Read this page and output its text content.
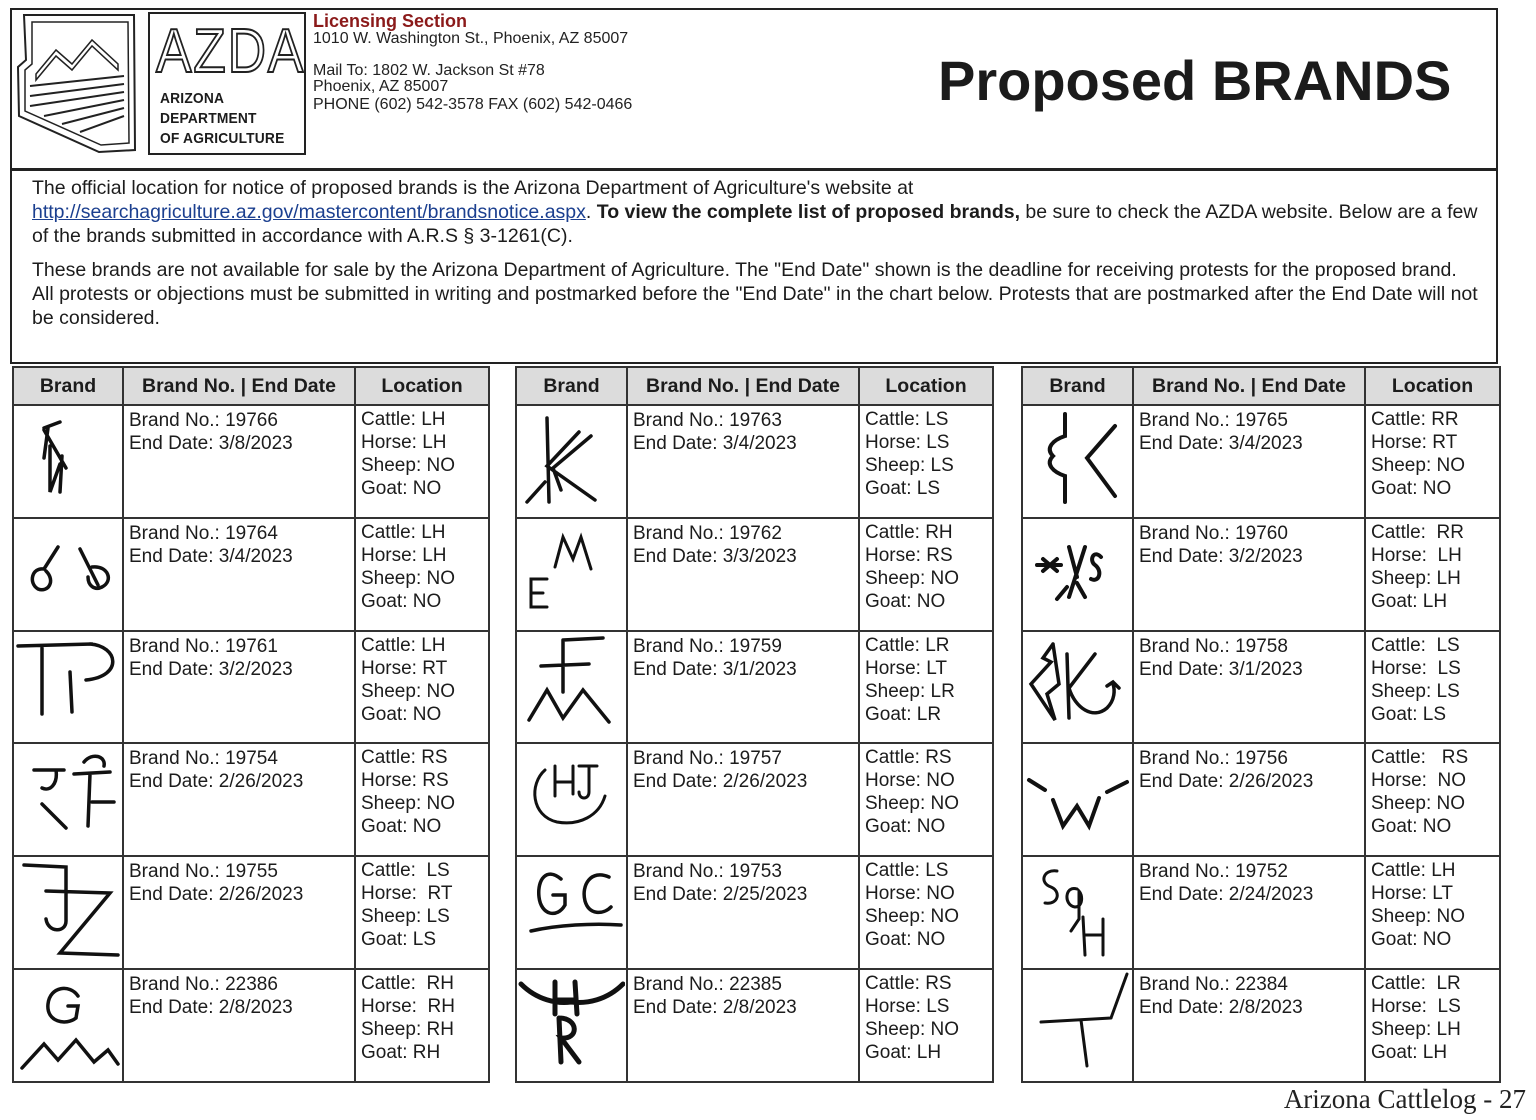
AZDA
ARIZONA
DEPARTMENT
OF AGRICULTURE
Licensing Section
1010 W. Washington St., Phoenix, AZ 85007
Mail To: 1802 W. Jackson St #78
Phoenix, AZ 85007
PHONE (602) 542-3578 FAX (602) 542-0466	Proposed BRANDS

The official location for notice of proposed brands is the Arizona Department of Agriculture's website at
http://searchagriculture.az.gov/mastercontent/brandsnotice.aspx. To view the complete list of proposed brands, be sure to check the AZDA website. Below are a few of the brands submitted in accordance with A.R.S § 3-1261(C).

These brands are not available for sale by the Arizona Department of Agriculture. The "End Date" shown is the deadline for receiving protests for the proposed brand. All protests or objections must be submitted in writing and postmarked before the "End Date" in the chart below. Protests that are postmarked after the End Date will not be considered.

Brand	Brand No. | End Date	Location

Brand No.: 19766
End Date: 3/8/2023	Cattle: LH
Horse: LH
Sheep: NO
Goat: NO

Brand No.: 19764
End Date: 3/4/2023	Cattle: LH
Horse: LH
Sheep: NO
Goat: NO

Brand No.: 19761
End Date: 3/2/2023	Cattle: LH
Horse: RT
Sheep: NO
Goat: NO

Brand No.: 19754
End Date: 2/26/2023	Cattle: RS
Horse: RS
Sheep: NO
Goat: NO

Brand No.: 19755
End Date: 2/26/2023	Cattle:  LS
Horse:  RT
Sheep: LS
Goat: LS

Brand No.: 22386
End Date: 2/8/2023	Cattle:  RH
Horse:  RH
Sheep: RH
Goat: RH
Brand	Brand No. | End Date	Location

Brand No.: 19763
End Date: 3/4/2023	Cattle: LS
Horse: LS
Sheep: LS
Goat: LS

Brand No.: 19762
End Date: 3/3/2023	Cattle: RH
Horse: RS
Sheep: NO
Goat: NO

Brand No.: 19759
End Date: 3/1/2023	Cattle: LR
Horse: LT
Sheep: LR
Goat: LR

Brand No.: 19757
End Date: 2/26/2023	Cattle: RS
Horse: NO
Sheep: NO
Goat: NO

Brand No.: 19753
End Date: 2/25/2023	Cattle: LS
Horse: NO
Sheep: NO
Goat: NO

Brand No.: 22385
End Date: 2/8/2023	Cattle: RS
Horse: LS
Sheep: NO
Goat: LH
Brand	Brand No. | End Date	Location

Brand No.: 19765
End Date: 3/4/2023	Cattle: RR
Horse: RT
Sheep: NO
Goat: NO

Brand No.: 19760
End Date: 3/2/2023	Cattle:  RR
Horse:  LH
Sheep: LH
Goat: LH

Brand No.: 19758
End Date: 3/1/2023	Cattle:  LS
Horse:  LS
Sheep: LS
Goat: LS

Brand No.: 19756
End Date: 2/26/2023	Cattle:   RS
Horse:  NO
Sheep: NO
Goat: NO

Brand No.: 19752
End Date: 2/24/2023	Cattle: LH
Horse: LT
Sheep: NO
Goat: NO

Brand No.: 22384
End Date: 2/8/2023	Cattle:  LR
Horse:  LS
Sheep: LH
Goat: LH
Arizona Cattlelog - 27
